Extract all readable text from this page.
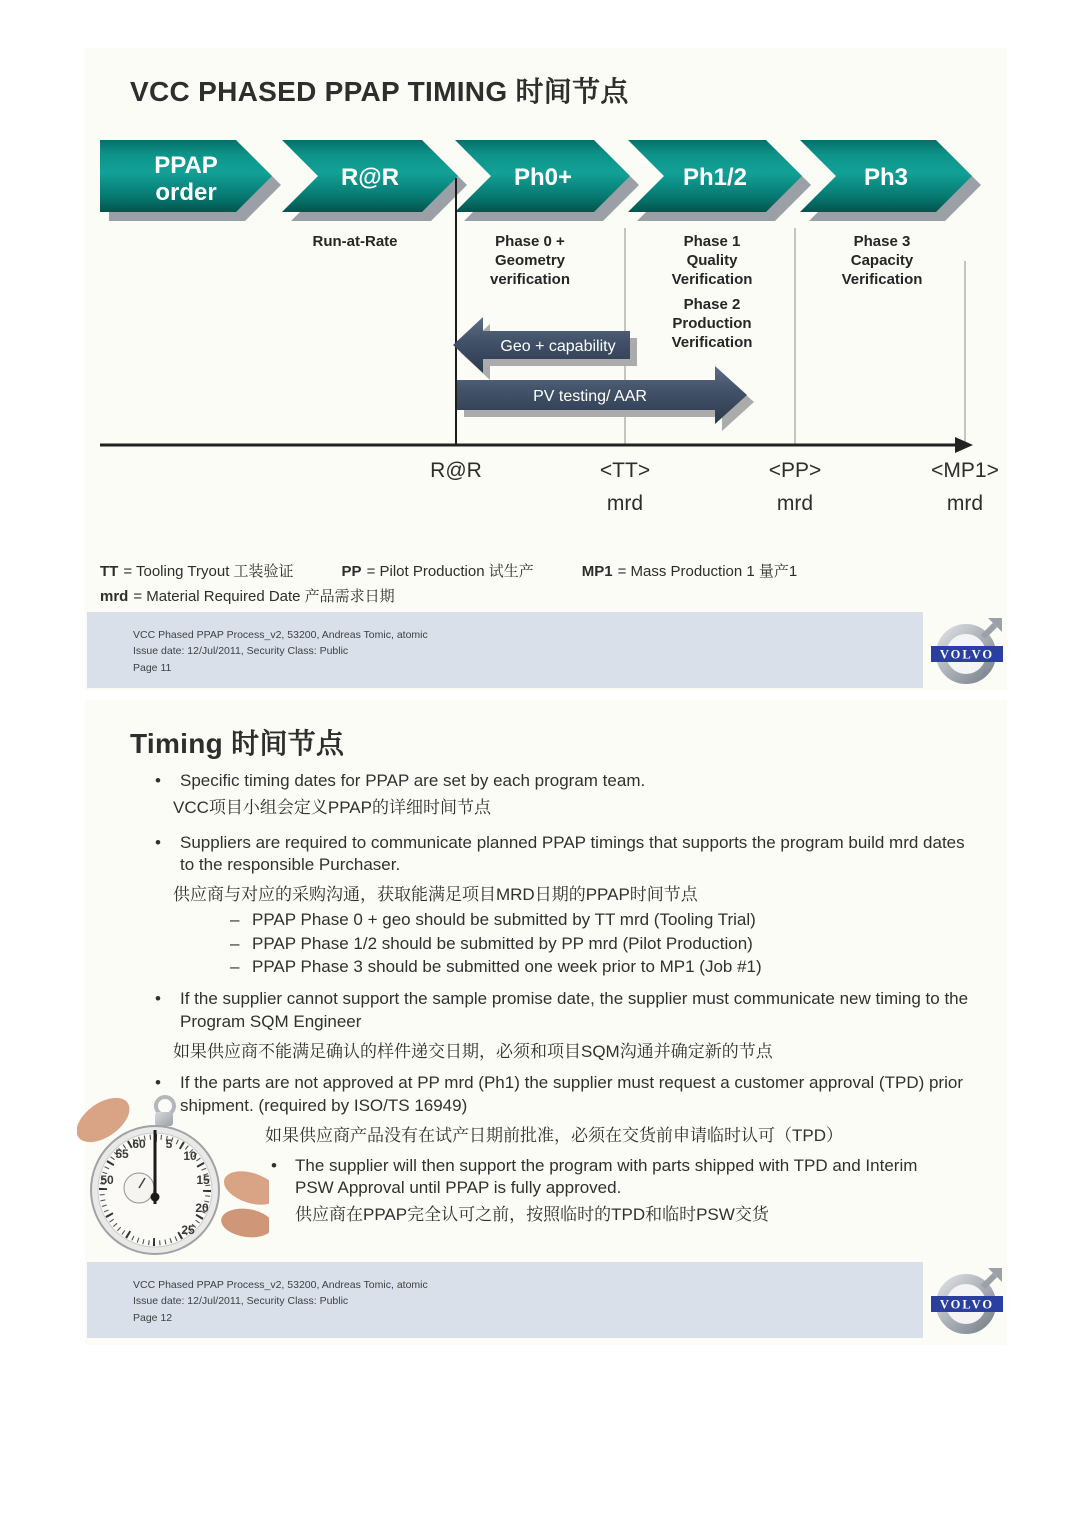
VCC PHASED PPAP TIMING 时间节点
PPAP
order
R@R	Ph0+	Ph1/2	Ph3
Geo + capability
PV testing/ AAR
R@R	<TT>
mrd
<PP>
mrd
<MP1>
mrd
Run-at-Rate	Phase 0 +
Geometry
verification
Phase 1
Quality
Verification
Phase 2
Production
Verification
Phase 3
Capacity
Verification
TT = Tooling Tryout 工装验证	PP = Pilot Production 试生产	MP1 = Mass Production 1 量产1
mrd = Material Required Date 产品需求日期
VCC Phased PPAP Process_v2, 53200, Andreas Tomic, atomic
Issue date: 12/Jul/2011, Security Class: Public
Page 11
VOLVO
Timing 时间节点
50
55
60 5
10
15
20
25
•	Specific timing dates for PPAP are set by each program team.
VCC项目小组会定义PPAP的详细时间节点
•	Suppliers are required to communicate planned PPAP timings that supports the program build mrd dates to the responsible Purchaser.
供应商与对应的采购沟通，获取能满足项目MRD日期的PPAP时间节点
– PPAP Phase 0 + geo should be submitted by TT mrd (Tooling Trial)
– PPAP Phase 1/2 should be submitted by PP mrd (Pilot Production)
– PPAP Phase 3 should be submitted one week prior to MP1 (Job #1)
•	If the supplier cannot support the sample promise date, the supplier must communicate new timing to the Program SQM Engineer
如果供应商不能满足确认的样件递交日期，必须和项目SQM沟通并确定新的节点
•	If the parts are not approved at PP mrd (Ph1) the supplier must request a customer approval (TPD) prior shipment. (required by ISO/TS 16949)
如果供应商产品没有在试产日期前批准，必须在交货前申请临时认可（TPD）
•	The supplier will then support the program with parts shipped with TPD and Interim PSW Approval until PPAP is fully approved.
供应商在PPAP完全认可之前，按照临时的TPD和临时PSW交货
VCC Phased PPAP Process_v2, 53200, Andreas Tomic, atomic
Issue date: 12/Jul/2011, Security Class: Public
Page 12
VOLVO
